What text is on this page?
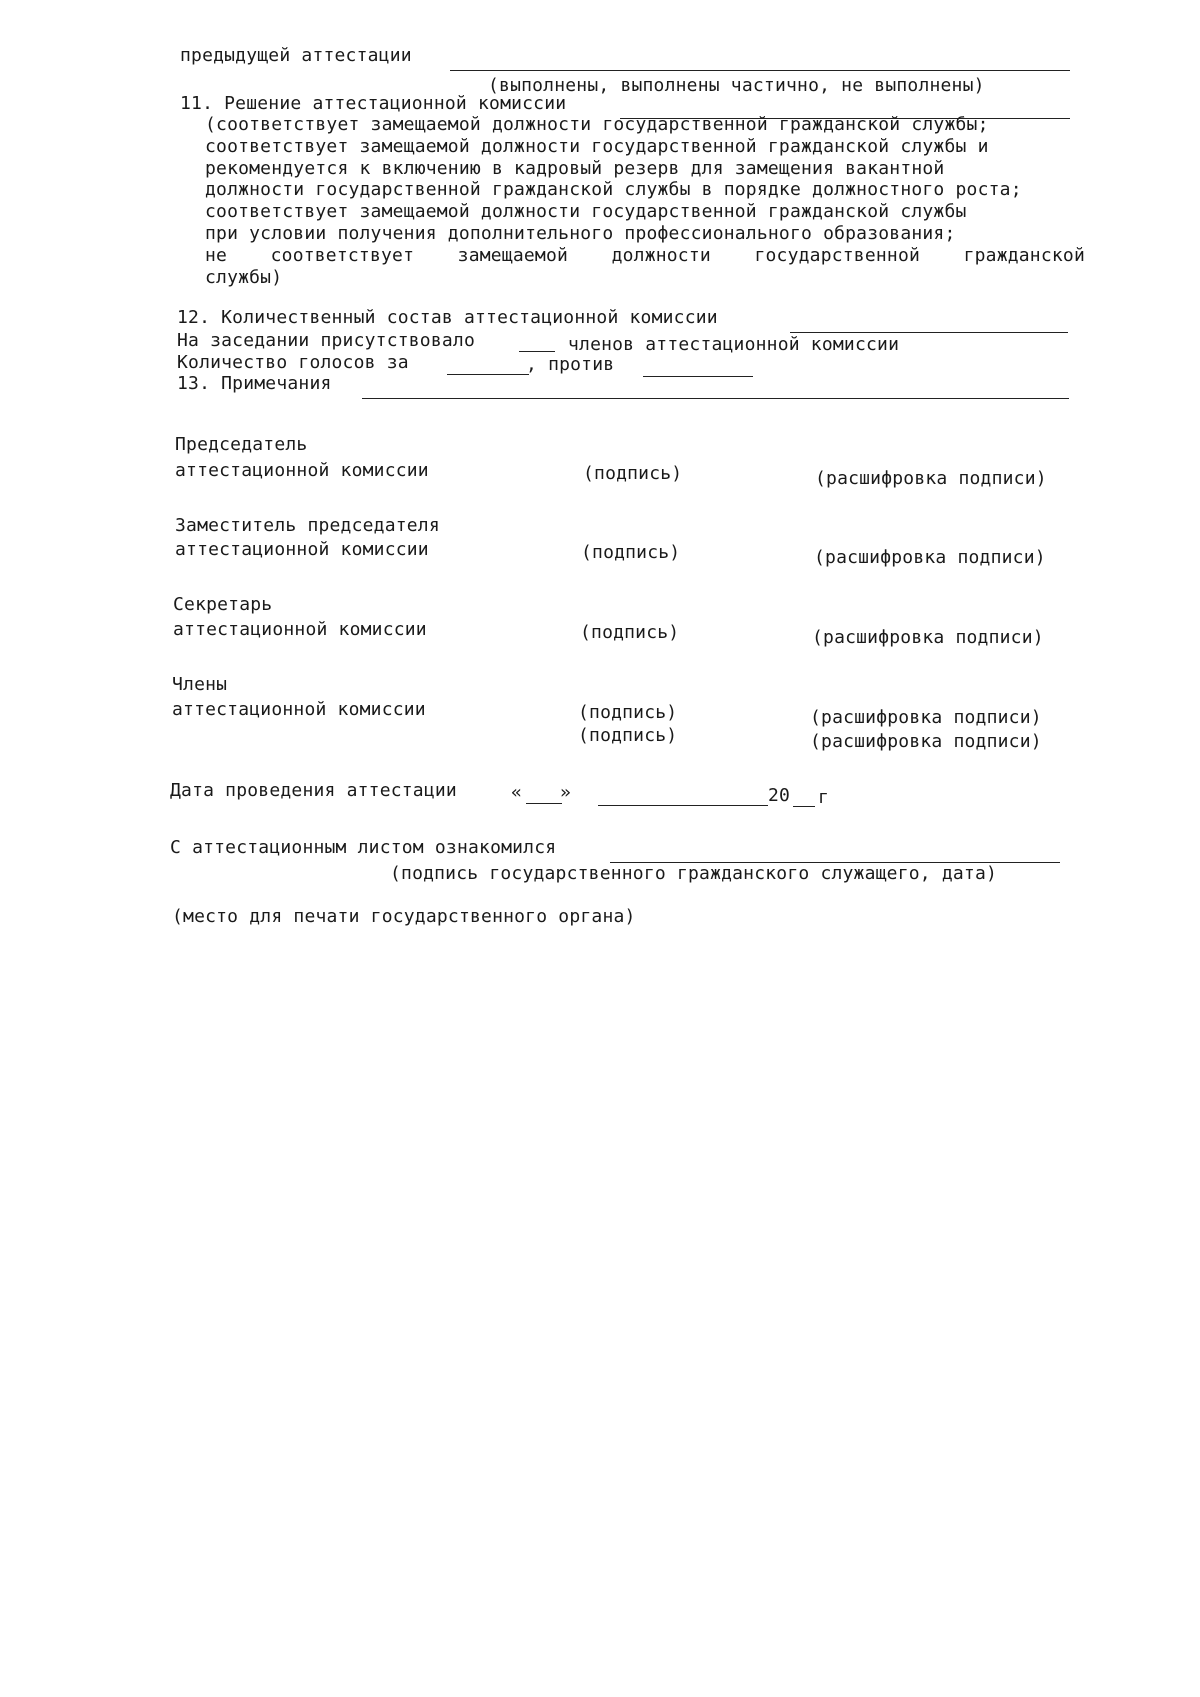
предыдущей аттестации
(выполнены, выполнены частично, не выполнены)
11. Решение аттестационной комиссии
(соответствует замещаемой должности государственной гражданской службы;
соответствует замещаемой должности государственной гражданской службы и
рекомендуется к включению в кадровый резерв для замещения вакантной
должности государственной гражданской службы в порядке должностного роста;
соответствует замещаемой должности государственной гражданской службы
при условии получения дополнительного профессионального образования;
не соответствует замещаемой должности государственной гражданской
службы)
12. Количественный состав аттестационной комиссии
На заседании присутствовало	членов аттестационной комиссии
Количество голосов за	, против
13. Примечания
Председатель
аттестационной комиссии	(подпись)	(расшифровка подписи)
Заместитель председателя
аттестационной комиссии	(подпись)	(расшифровка подписи)
Секретарь
аттестационной комиссии	(подпись)	(расшифровка подписи)
Члены
аттестационной комиссии	(подпись)	(расшифровка подписи)
(подпись)	(расшифровка подписи)
Дата проведения аттестации	« »	20 г
С аттестационным листом ознакомился
(подпись государственного гражданского служащего, дата)
(место для печати государственного органа)
